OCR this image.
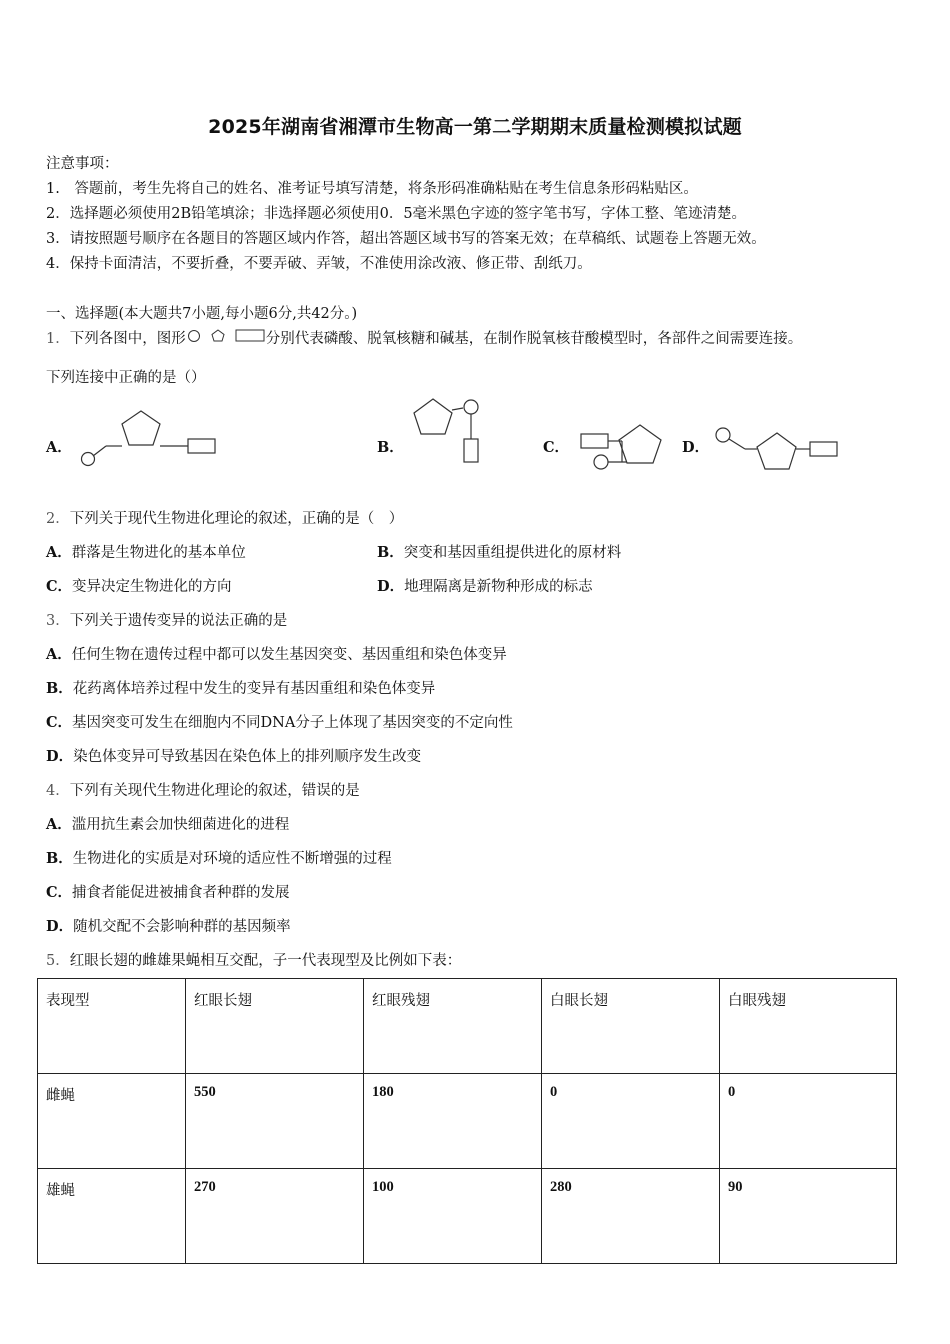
2025年湖南省湘潭市生物高一第二学期期末质量检测模拟试题
注意事项：
1.　答题前，考生先将自己的姓名、准考证号填写清楚，将条形码准确粘贴在考生信息条形码粘贴区。
2．选择题必须使用2B铅笔填涂；非选择题必须使用0．5毫米黑色字迹的签字笔书写，字体工整、笔迹清楚。
3．请按照题号顺序在各题目的答题区域内作答，超出答题区域书写的答案无效；在草稿纸、试题卷上答题无效。
4．保持卡面清洁，不要折叠，不要弄破、弄皱，不准使用涂改液、修正带、刮纸刀。
一、选择题(本大题共7小题,每小题6分,共42分。)
1．下列各图中，图形	分别代表磷酸、脱氧核糖和碱基，在制作脱氧核苷酸模型时，各部件之间需要连接。
下列连接中正确的是（）
A．	B．	C．	D．
2．下列关于现代生物进化理论的叙述，正确的是（　）
A．群落是生物进化的基本单位	B．突变和基因重组提供进化的原材料
C．变异决定生物进化的方向	D．地理隔离是新物种形成的标志
3．下列关于遗传变异的说法正确的是
A．任何生物在遗传过程中都可以发生基因突变、基因重组和染色体变异
B．花药离体培养过程中发生的变异有基因重组和染色体变异
C．基因突变可发生在细胞内不同DNA分子上体现了基因突变的不定向性
D．染色体变异可导致基因在染色体上的排列顺序发生改变
4．下列有关现代生物进化理论的叙述，错误的是
A．滥用抗生素会加快细菌进化的进程
B．生物进化的实质是对环境的适应性不断增强的过程
C．捕食者能促进被捕食者种群的发展
D．随机交配不会影响种群的基因频率
5．红眼长翅的雌雄果蝇相互交配，子一代表现型及比例如下表：
表现型	红眼长翅	红眼残翅	白眼长翅	白眼残翅
雌蝇	550	180	0	0
雄蝇	270	100	280	90
